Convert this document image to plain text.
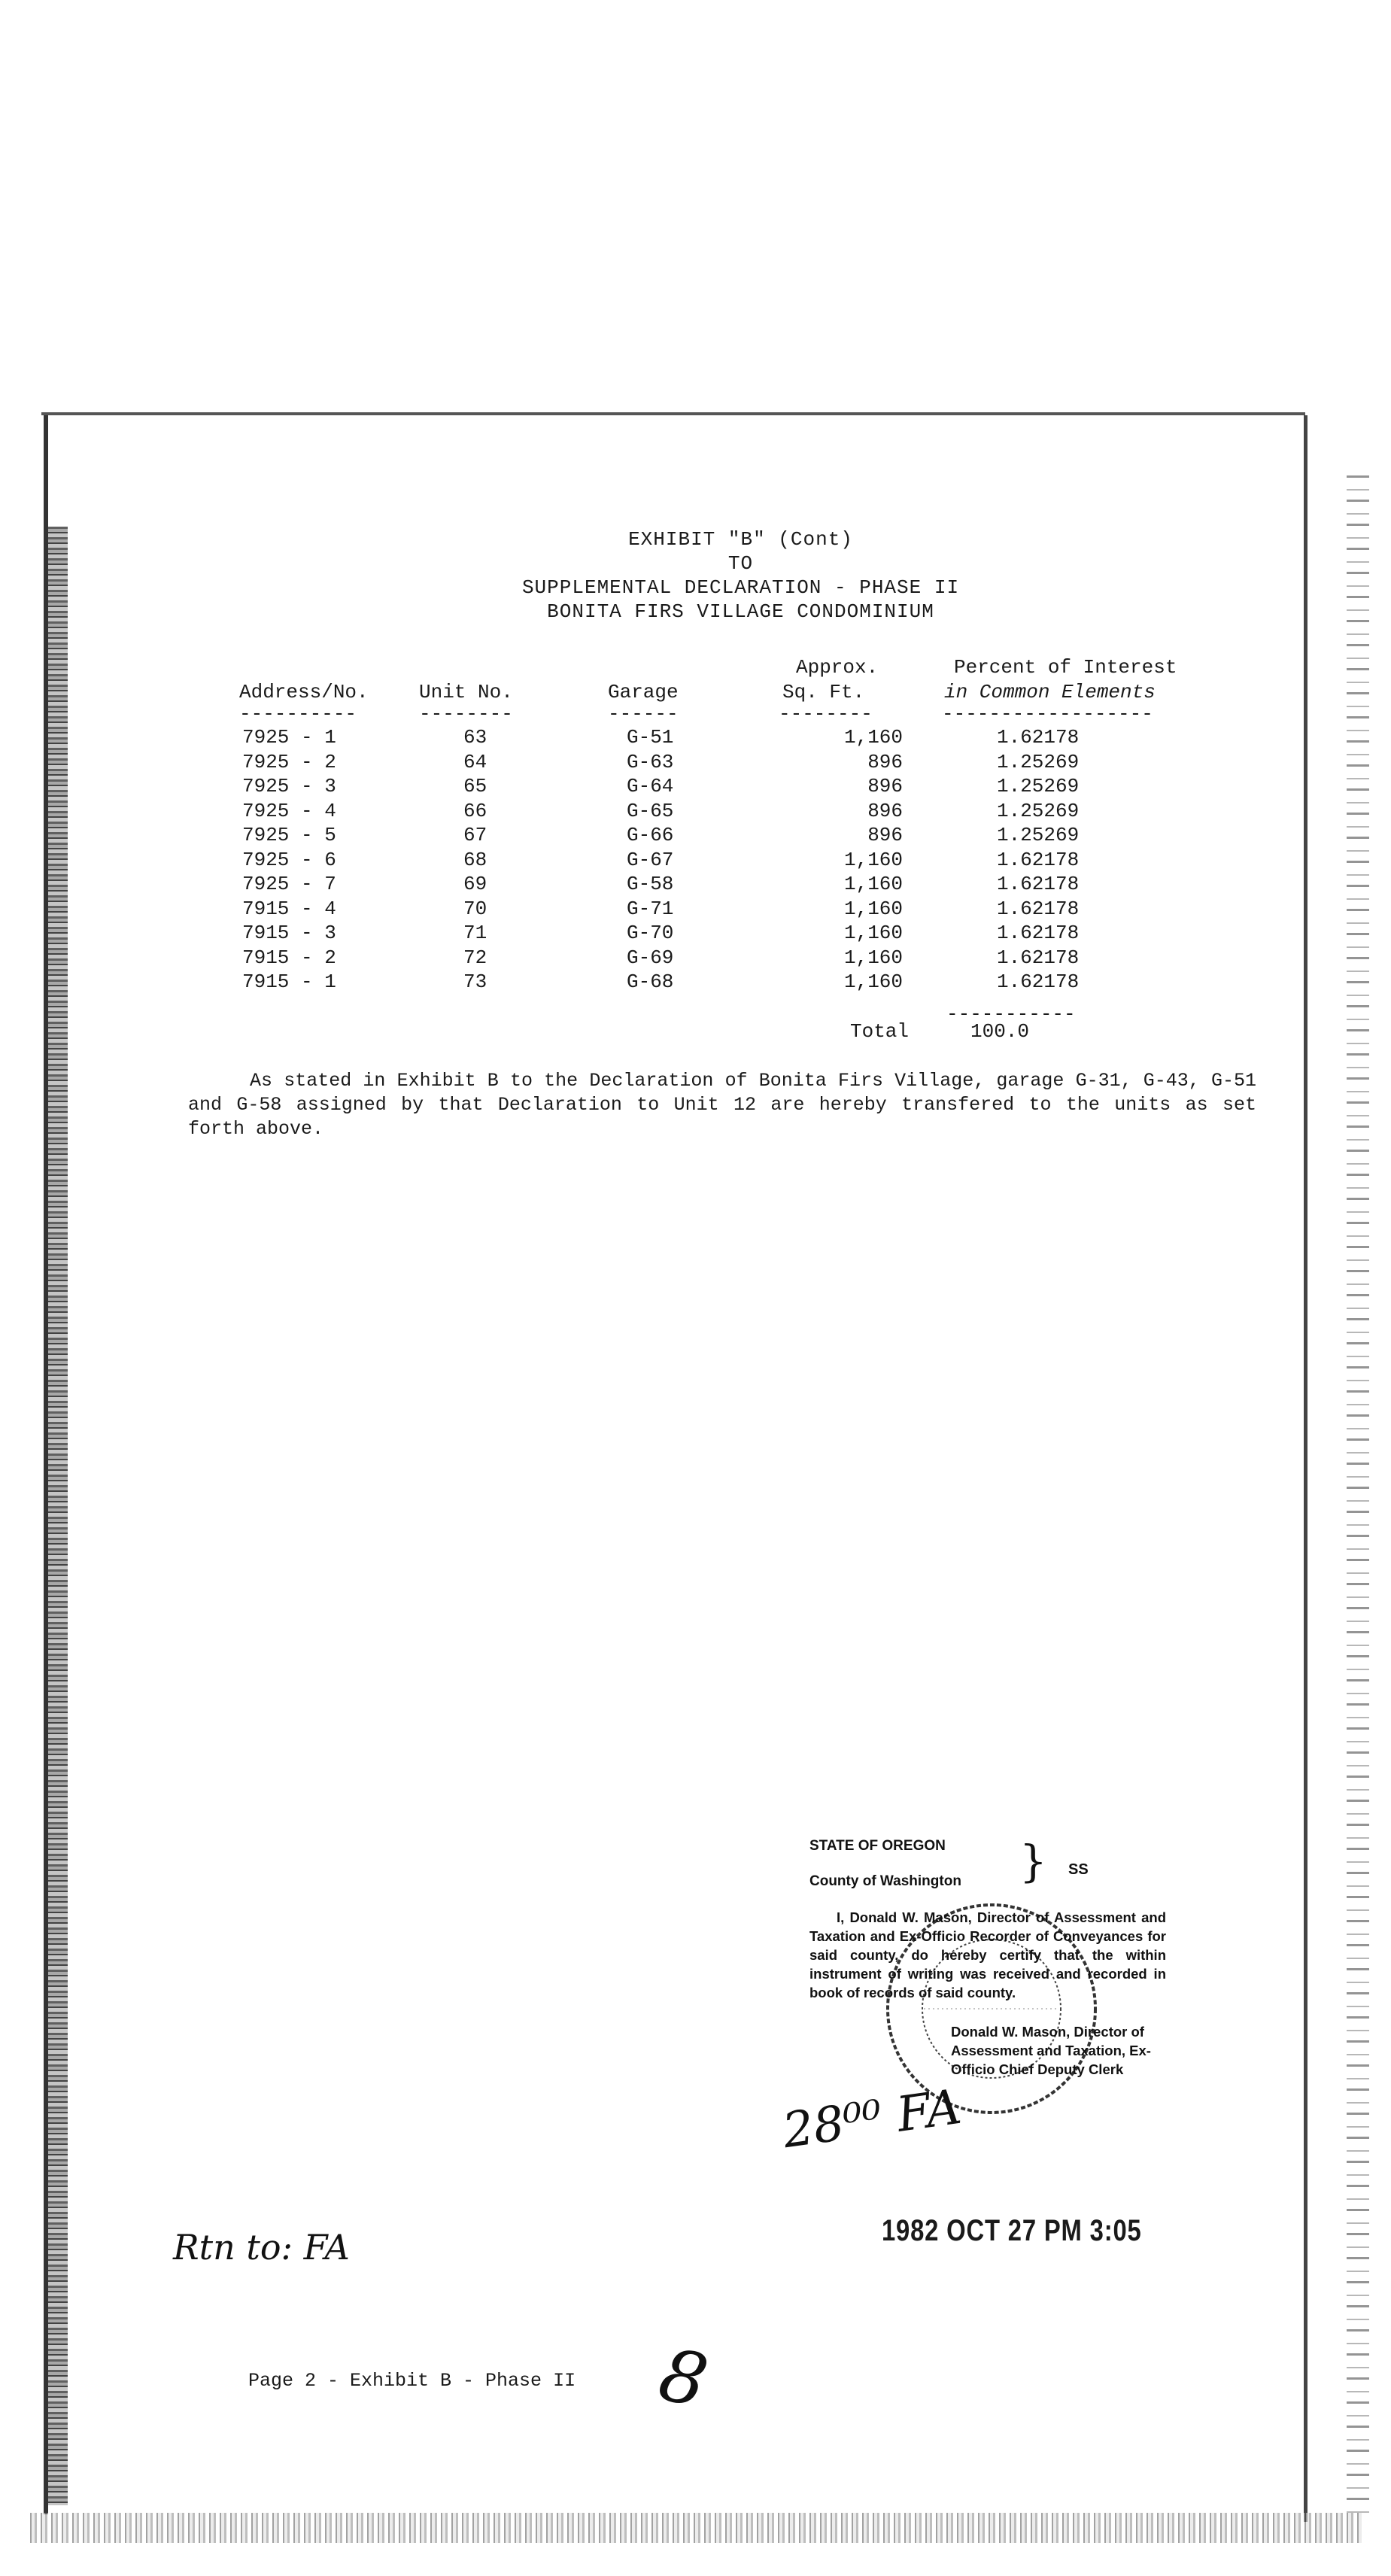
EXHIBIT "B" (Cont)
TO
SUPPLEMENTAL DECLARATION - PHASE II
BONITA FIRS VILLAGE CONDOMINIUM
Approx.	Percent of Interest
Address/No.	Unit No.	Garage	Sq. Ft.	in Common Elements
----------	--------	------	--------	------------------
7925 - 1	63	G-51	1,160	1.62178
7925 - 2	64	G-63	896	1.25269
7925 - 3	65	G-64	896	1.25269
7925 - 4	66	G-65	896	1.25269
7925 - 5	67	G-66	896	1.25269
7925 - 6	68	G-67	1,160	1.62178
7925 - 7	69	G-58	1,160	1.62178
7915 - 4	70	G-71	1,160	1.62178
7915 - 3	71	G-70	1,160	1.62178
7915 - 2	72	G-69	1,160	1.62178
7915 - 1	73	G-68	1,160	1.62178
-----------
Total	100.0
As stated in Exhibit B to the Declaration of Bonita Firs Village, garage G-31, G-43, G-51 and G-58 assigned by that Declaration to Unit 12 are hereby transfered to the units as set forth above.
STATE OF OREGON
County of Washington } SS
I, Donald W. Mason, Director of Assessment and Taxation and Ex-Officio Recorder of Conveyances for said county, do hereby certify that the within instrument of writing was received and recorded in book of records of said county.
Donald W. Mason, Director of Assessment and Taxation, Ex-Officio Chief Deputy Clerk
28⁰⁰ FA
1982 OCT 27 PM 3:05
Rtn to: FA
8
Page 2 - Exhibit B - Phase II
